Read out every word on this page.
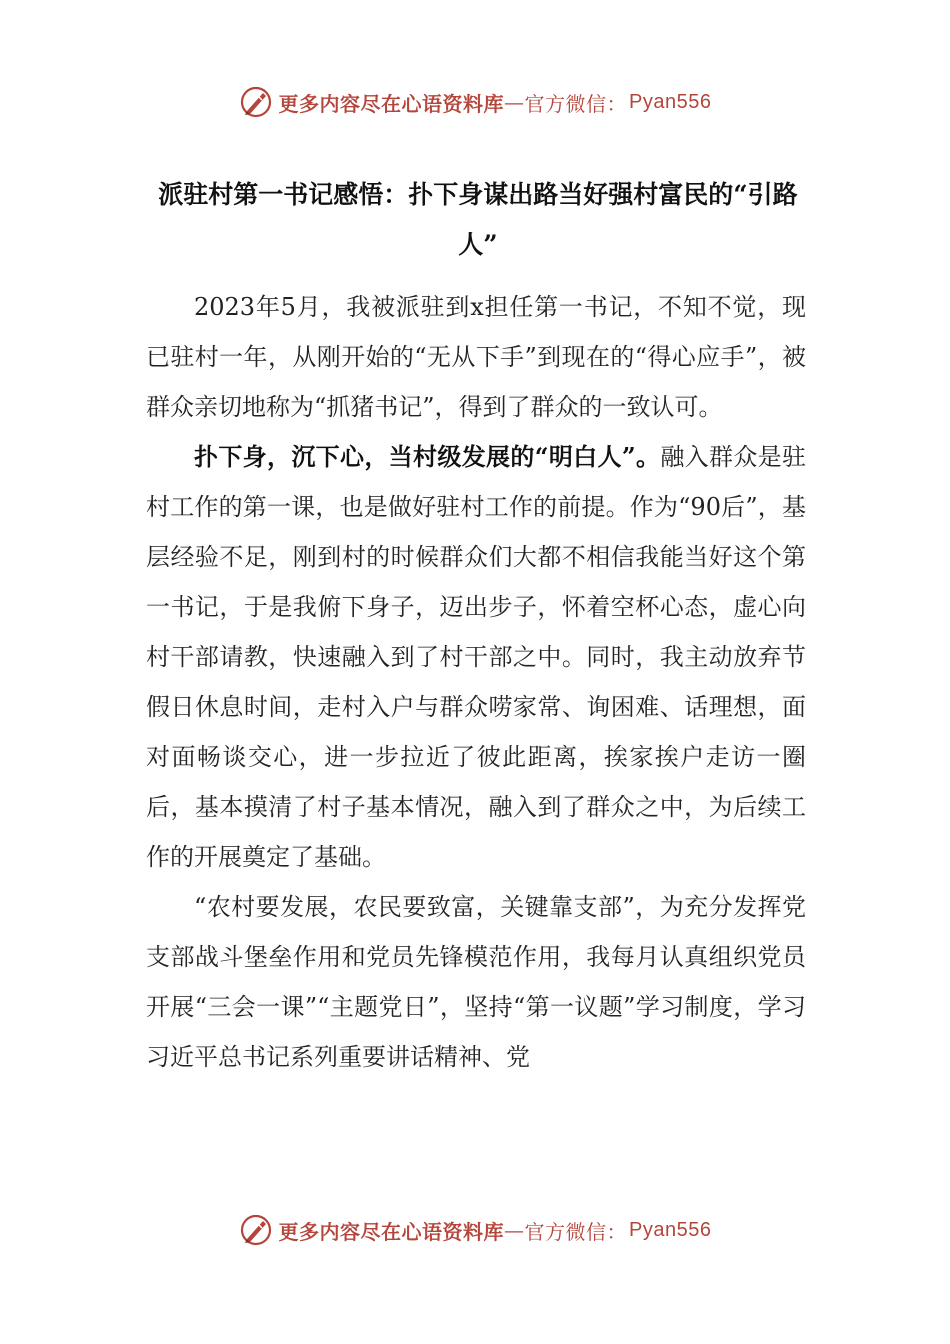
更多内容尽在心语资料库 — 官方微信： Pyan556
派驻村第一书记感悟：扑下身谋出路当好强村富民的“引路人”

2023年5月，我被派驻到x担任第一书记，不知不觉，现已驻村一年，从刚开始的“无从下手”到现在的“得心应手”，被群众亲切地称为“抓猪书记”，得到了群众的一致认可。

扑下身，沉下心，当村级发展的“明白人”。融入群众是驻村工作的第一课，也是做好驻村工作的前提。作为“90后”，基层经验不足，刚到村的时候群众们大都不相信我能当好这个第一书记，于是我俯下身子，迈出步子，怀着空杯心态，虚心向村干部请教，快速融入到了村干部之中。同时，我主动放弃节假日休息时间，走村入户与群众唠家常、询困难、话理想，面对面畅谈交心，进一步拉近了彼此距离，挨家挨户走访一圈后，基本摸清了村子基本情况，融入到了群众之中，为后续工作的开展奠定了基础。

“农村要发展，农民要致富，关键靠支部”，为充分发挥党支部战斗堡垒作用和党员先锋模范作用，我每月认真组织党员开展“三会一课”“主题党日”，坚持“第一议题”学习制度，学习习近平总书记系列重要讲话精神、党

更多内容尽在心语资料库 — 官方微信： Pyan556
